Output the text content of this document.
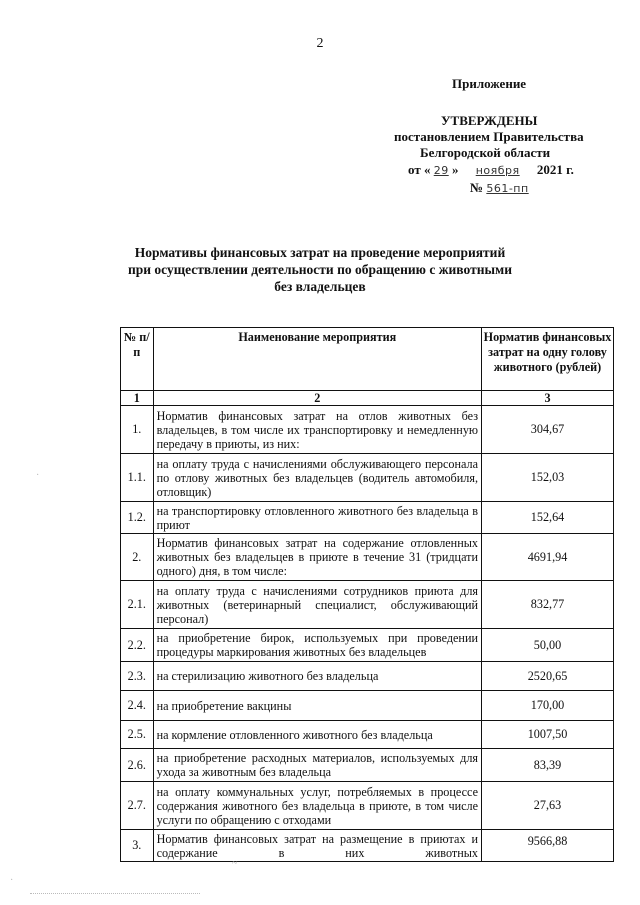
2
Приложение
УТВЕРЖДЕНЫ
постановлением Правительства
Белгородской области
от « 29 » ноября 2021 г.
№ 561-пп
Нормативы финансовых затрат на проведение мероприятий
при осуществлении деятельности по обращению с животными
без владельцев
№ п/п	Наименование мероприятия	Норматив финансовых затрат на одну голову животного (рублей)
1	2	3
1.	Норматив финансовых затрат на отлов животных без владельцев, в том числе их транспортировку и немедленную передачу в приюты, из них:	304,67
1.1.	на оплату труда с начислениями обслуживающего персонала по отлову животных без владельцев (водитель автомобиля, отловщик)	152,03
1.2.	на транспортировку отловленного животного без владельца в приют	152,64
2.	Норматив финансовых затрат на содержание отловленных животных без владельцев в приюте в течение 31 (тридцати одного) дня, в том числе:	4691,94
2.1.	на оплату труда с начислениями сотрудников приюта для животных (ветеринарный специалист, обслуживающий персонал)	832,77
2.2.	на приобретение бирок, используемых при проведении процедуры маркирования животных без владельцев	50,00
2.3.	на стерилизацию животного без владельца	2520,65
2.4.	на приобретение вакцины	170,00
2.5.	на кормление отловленного животного без владельца	1007,50
2.6.	на приобретение расходных материалов, используемых для ухода за животным без владельца	83,39
2.7.	на оплату коммунальных услуг, потребляемых в процессе содержания животного без владельца в приюте, в том числе услуги по обращению с отходами	27,63
3.	Норматив финансовых затрат на размещение в приютах и содержание в них животных	9566,88
·
·
~
